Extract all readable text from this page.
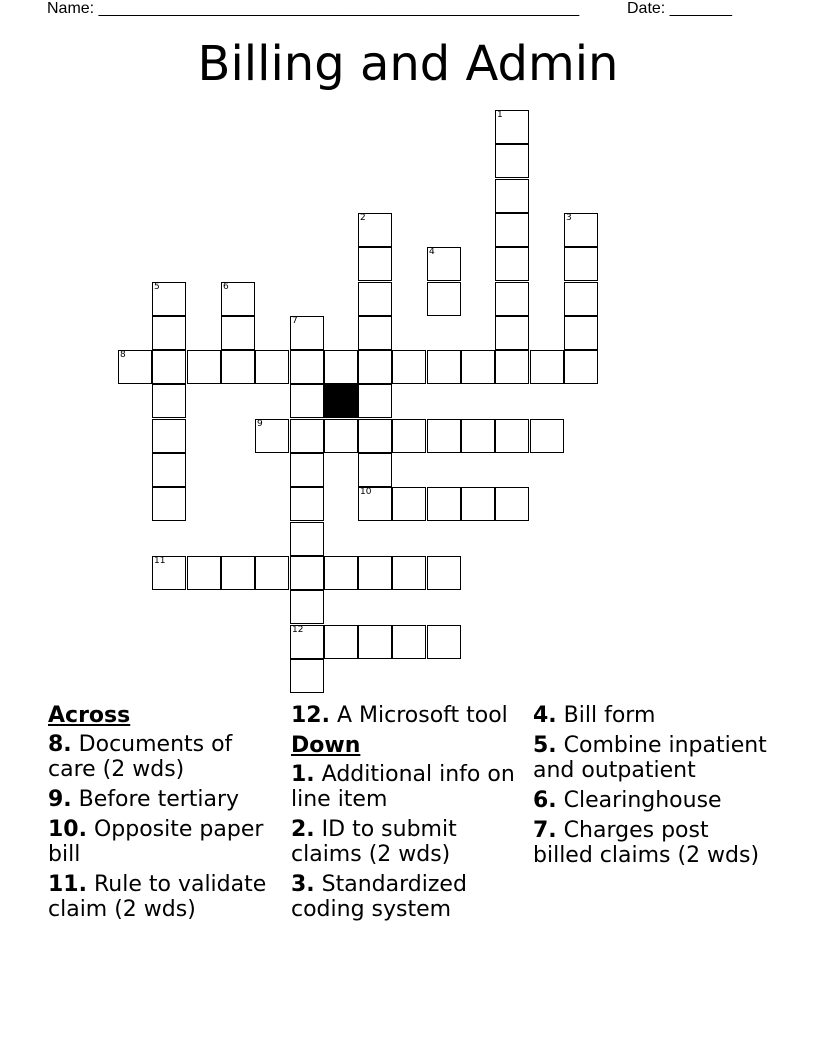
Name: ______________________________________________________	Date: _______
Billing and Admin
1
2
10
3
4
5	6
7
8
9
11
12
Across
8. Documents of care (2 wds)
9. Before tertiary
10. Opposite paper bill
11. Rule to validate claim (2 wds)
12. A Microsoft tool
Down
1. Additional info on line item
2. ID to submit claims (2 wds)
3. Standardized coding system
4. Bill form
5. Combine inpatient and outpatient
6. Clearinghouse
7. Charges post billed claims (2 wds)
